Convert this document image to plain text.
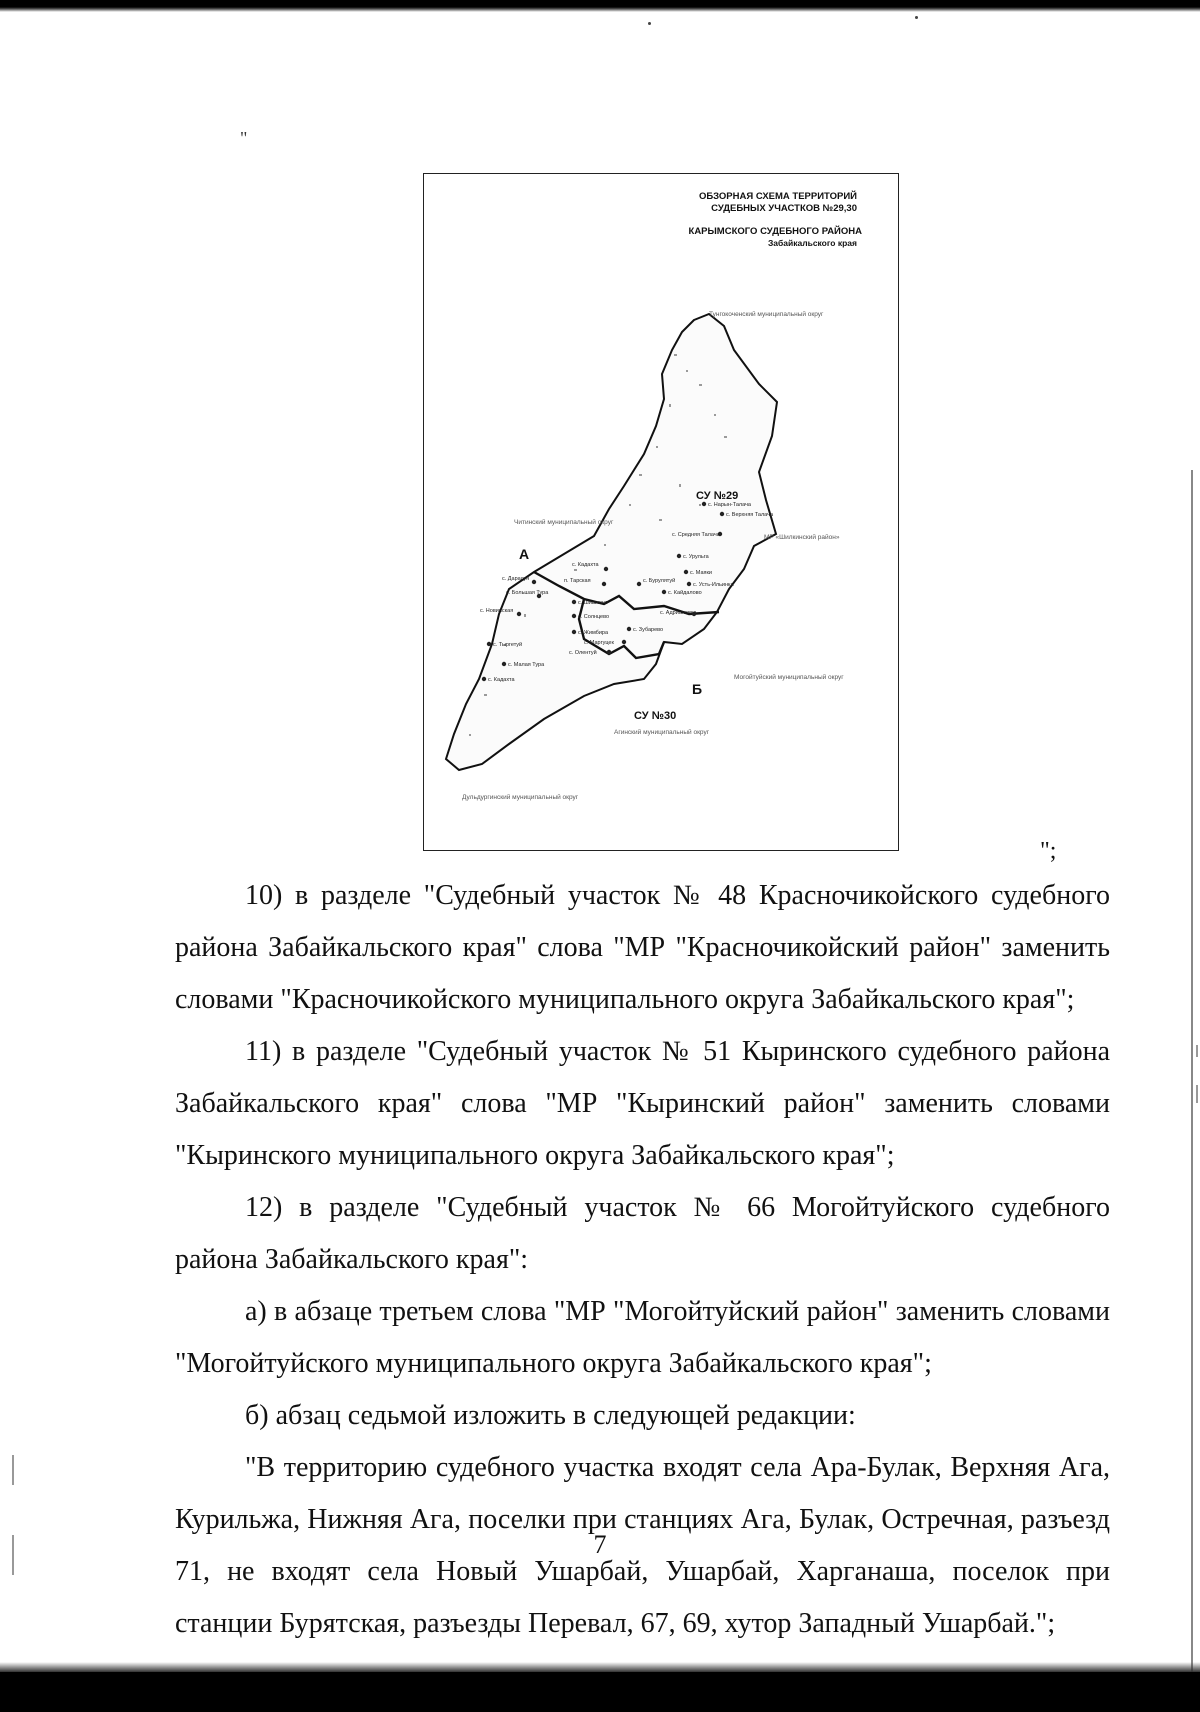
"
ОБЗОРНАЯ СХЕМА ТЕРРИТОРИЙ
СУДЕБНЫХ УЧАСТКОВ №29,30
КАРЫМСКОГО СУДЕБНОГО РАЙОНА
Забайкальского края
с. Нарын-Талача
с. Верхняя Талача
с. Средняя Талача
с. Урульга
с. Маяки
с. Усть-Ильинка
с. Кайдалово
с. Кадахта
п. Тарская	с. Бурулятуй
с. Дарасун
с. Большая Тура
с. Шишкино
с. Солнцево
с. Новинская	с. Адриановка
с. Жимбира	с. Зубарево
с. Маргуцек
с. Олентуй
с. Тыргетуй
с. Малая Тура
с. Кадахта
СУ №29
СУ №30
А
Б
Тунгокоченский муниципальный округ
Читинский муниципальный округ
МР «Шилкинский район»
Могойтуйский муниципальный округ
Агинский муниципальный округ
Дульдургинский муниципальный округ
";

10) в разделе "Судебный участок № 48 Красночикойского судебного района Забайкальского края" слова "МР "Красночикойский район" заменить словами "Красночикойского муниципального округа Забайкальского края";

11) в разделе "Судебный участок № 51 Кыринского судебного района Забайкальского края" слова "МР "Кыринский район" заменить словами "Кыринского муниципального округа Забайкальского края";

12) в разделе "Судебный участок № 66 Могойтуйского судебного района Забайкальского края":

а) в абзаце третьем слова "МР "Могойтуйский район" заменить словами "Могойтуйского муниципального округа Забайкальского края";

б) абзац седьмой изложить в следующей редакции:

"В территорию судебного участка входят села Ара-Булак, Верхняя Ага, Курильжа, Нижняя Ага, поселки при станциях Ага, Булак, Остречная, разъезд 71, не входят села Новый Ушарбай, Ушарбай, Харганаша, поселок при станции Бурятская, разъезды Перевал, 67, 69, хутор Западный Ушарбай.";

7
